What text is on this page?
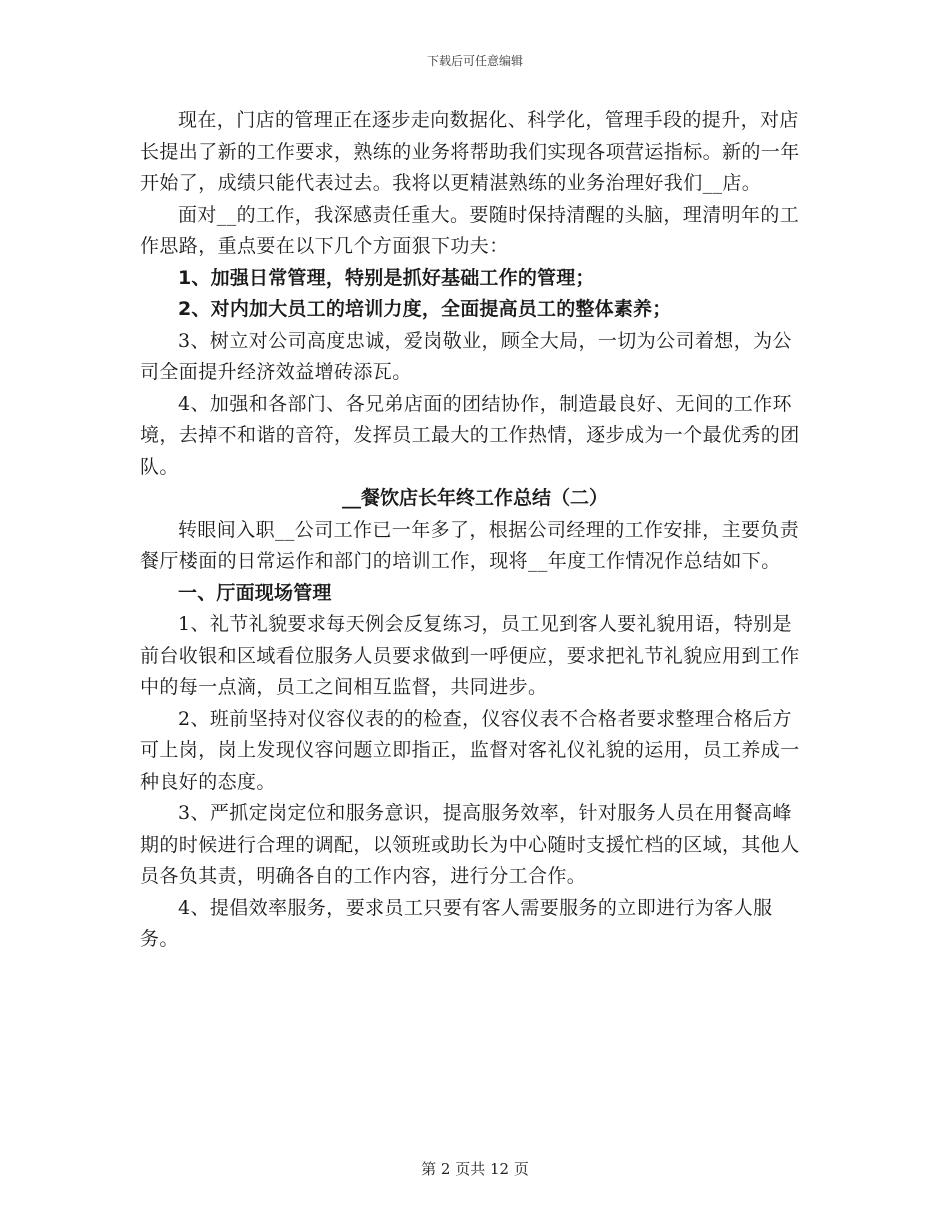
下载后可任意编辑

现在，门店的管理正在逐步走向数据化、科学化，管理手段的提升，对店长提出了新的工作要求，熟练的业务将帮助我们实现各项营运指标。新的一年开始了，成绩只能代表过去。我将以更精湛熟练的业务治理好我们__店。

面对__的工作，我深感责任重大。要随时保持清醒的头脑，理清明年的工作思路，重点要在以下几个方面狠下功夫：

1、加强日常管理，特别是抓好基础工作的管理；

2、对内加大员工的培训力度，全面提高员工的整体素养；

3、树立对公司高度忠诚，爱岗敬业，顾全大局，一切为公司着想，为公司全面提升经济效益增砖添瓦。

4、加强和各部门、各兄弟店面的团结协作，制造最良好、无间的工作环境，去掉不和谐的音符，发挥员工最大的工作热情，逐步成为一个最优秀的团队。

__餐饮店长年终工作总结（二）

转眼间入职__公司工作已一年多了，根据公司经理的工作安排，主要负责餐厅楼面的日常运作和部门的培训工作，现将__年度工作情况作总结如下。

一、厅面现场管理

1、礼节礼貌要求每天例会反复练习，员工见到客人要礼貌用语，特别是前台收银和区域看位服务人员要求做到一呼便应，要求把礼节礼貌应用到工作中的每一点滴，员工之间相互监督，共同进步。

2、班前坚持对仪容仪表的的检查，仪容仪表不合格者要求整理合格后方可上岗，岗上发现仪容问题立即指正，监督对客礼仪礼貌的运用，员工养成一种良好的态度。

3、严抓定岗定位和服务意识，提高服务效率，针对服务人员在用餐高峰期的时候进行合理的调配，以领班或助长为中心随时支援忙档的区域，其他人员各负其责，明确各自的工作内容，进行分工合作。

4、提倡效率服务，要求员工只要有客人需要服务的立即进行为客人服务。

第 2 页共 12 页
